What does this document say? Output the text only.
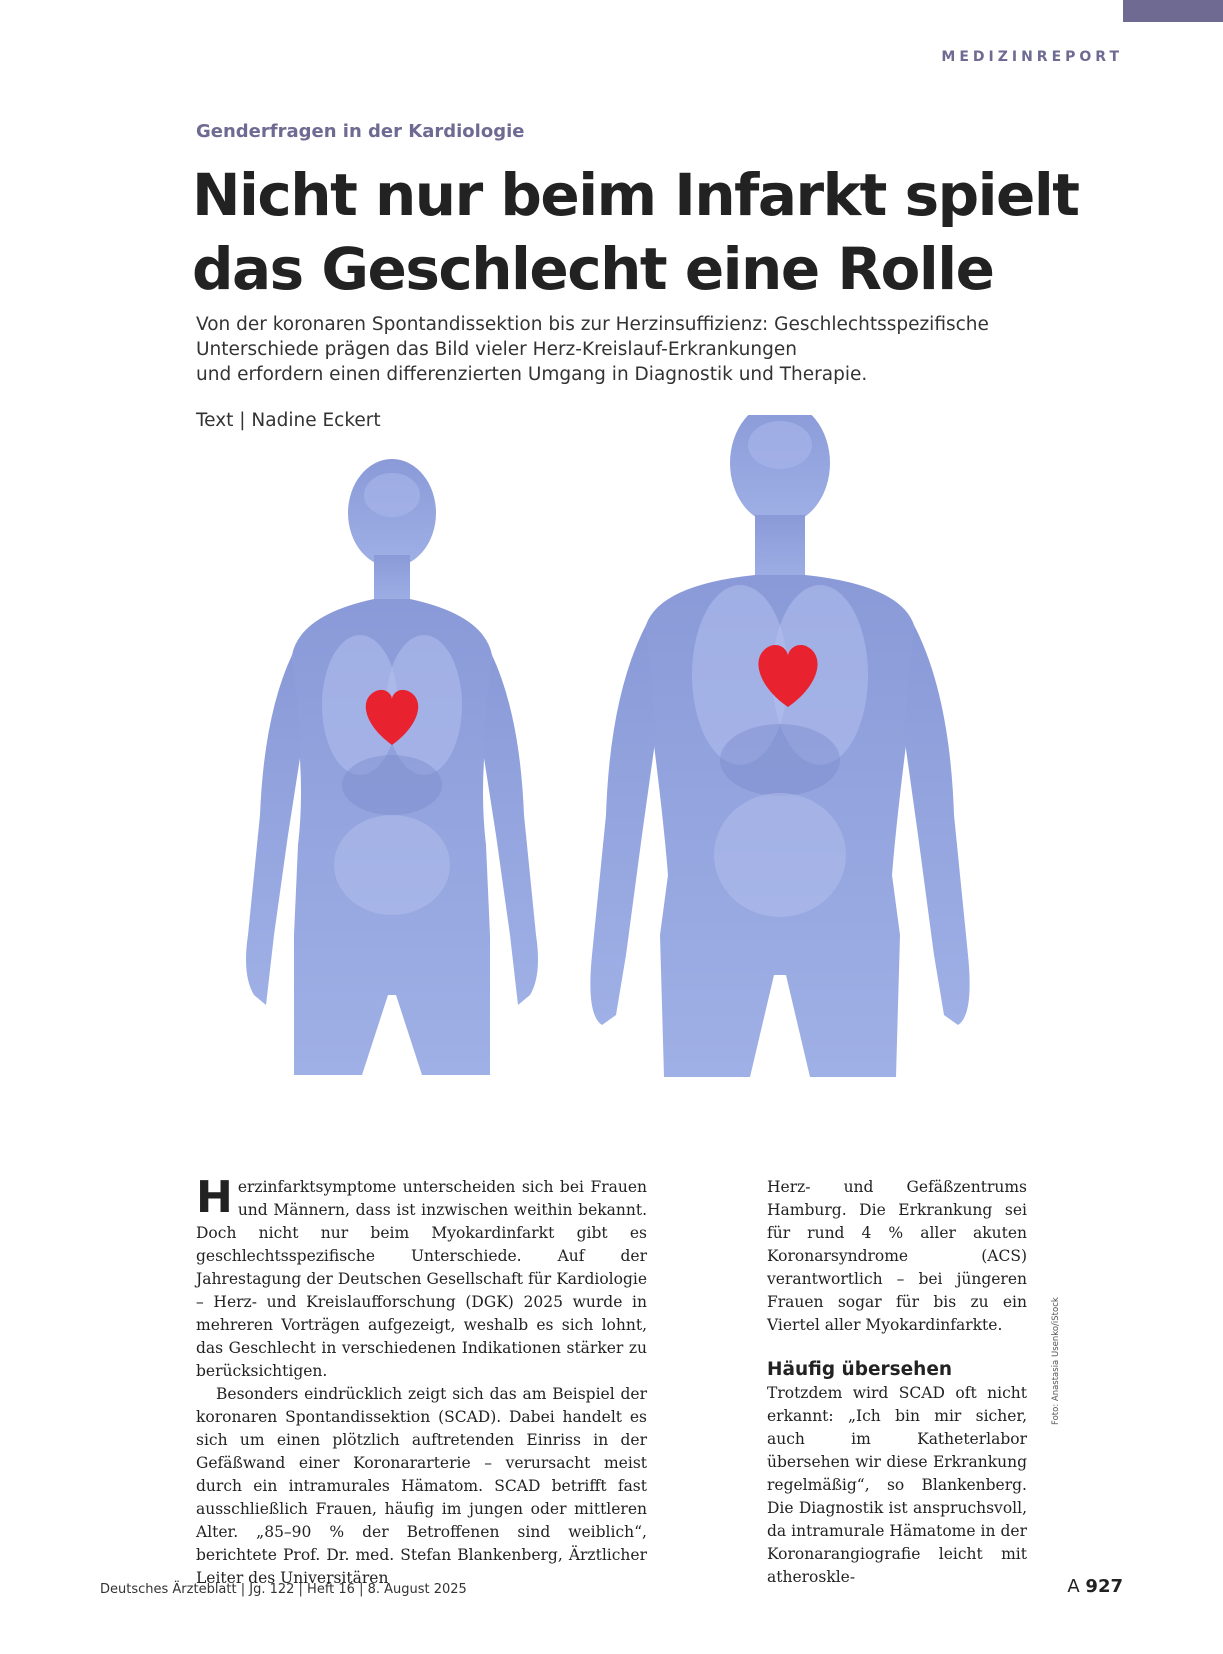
MEDIZINREPORT
Genderfragen in der Kardiologie
Nicht nur beim Infarkt spielt
das Geschlecht eine Rolle
Von der koronaren Spontandissektion bis zur Herzinsuffizienz: Geschlechtsspezifische
Unterschiede prägen das Bild vieler Herz-Kreislauf-Erkrankungen
und erfordern einen differenzierten Umgang in Diagnostik und Therapie.
Text | Nadine Eckert

Herzinfarktsymptome unterscheiden sich bei Frauen und Männern, dass ist inzwischen weithin bekannt. Doch nicht nur beim Myokardinfarkt gibt es geschlechtsspezifische Unterschiede. Auf der Jahrestagung der Deutschen Gesellschaft für Kardiologie – Herz- und Kreislaufforschung (DGK) 2025 wurde in mehreren Vorträgen aufgezeigt, weshalb es sich lohnt, das Geschlecht in verschiedenen Indikationen stärker zu berücksichtigen.

Besonders eindrücklich zeigt sich das am Beispiel der koronaren Spontandissektion (SCAD). Dabei handelt es sich um einen plötzlich auftretenden Einriss in der Gefäßwand einer Koronararterie – verursacht meist durch ein intramurales Hämatom. SCAD betrifft fast ausschließlich Frauen, häufig im jungen oder mittleren Alter. „85–90 % der Betroffenen sind weiblich“, berichtete Prof. Dr. med. Stefan Blankenberg, Ärztlicher Leiter des Universitären

Herz- und Gefäßzentrums Hamburg. Die Erkrankung sei für rund 4 % aller akuten Koronarsyndrome (ACS) verantwortlich – bei jüngeren Frauen sogar für bis zu ein Viertel aller Myokardinfarkte.

Häufig übersehen

Trotzdem wird SCAD oft nicht erkannt: „Ich bin mir sicher, auch im Katheterlabor übersehen wir diese Erkrankung regelmäßig“, so Blankenberg. Die Diagnostik ist anspruchsvoll, da intramurale Hämatome in der Koronarangiografie leicht mit atheroskle-

Foto: Anastasia Usenko/iStock
Deutsches Ärzteblatt | Jg. 122 | Heft 16 | 8. August 2025	A 927
